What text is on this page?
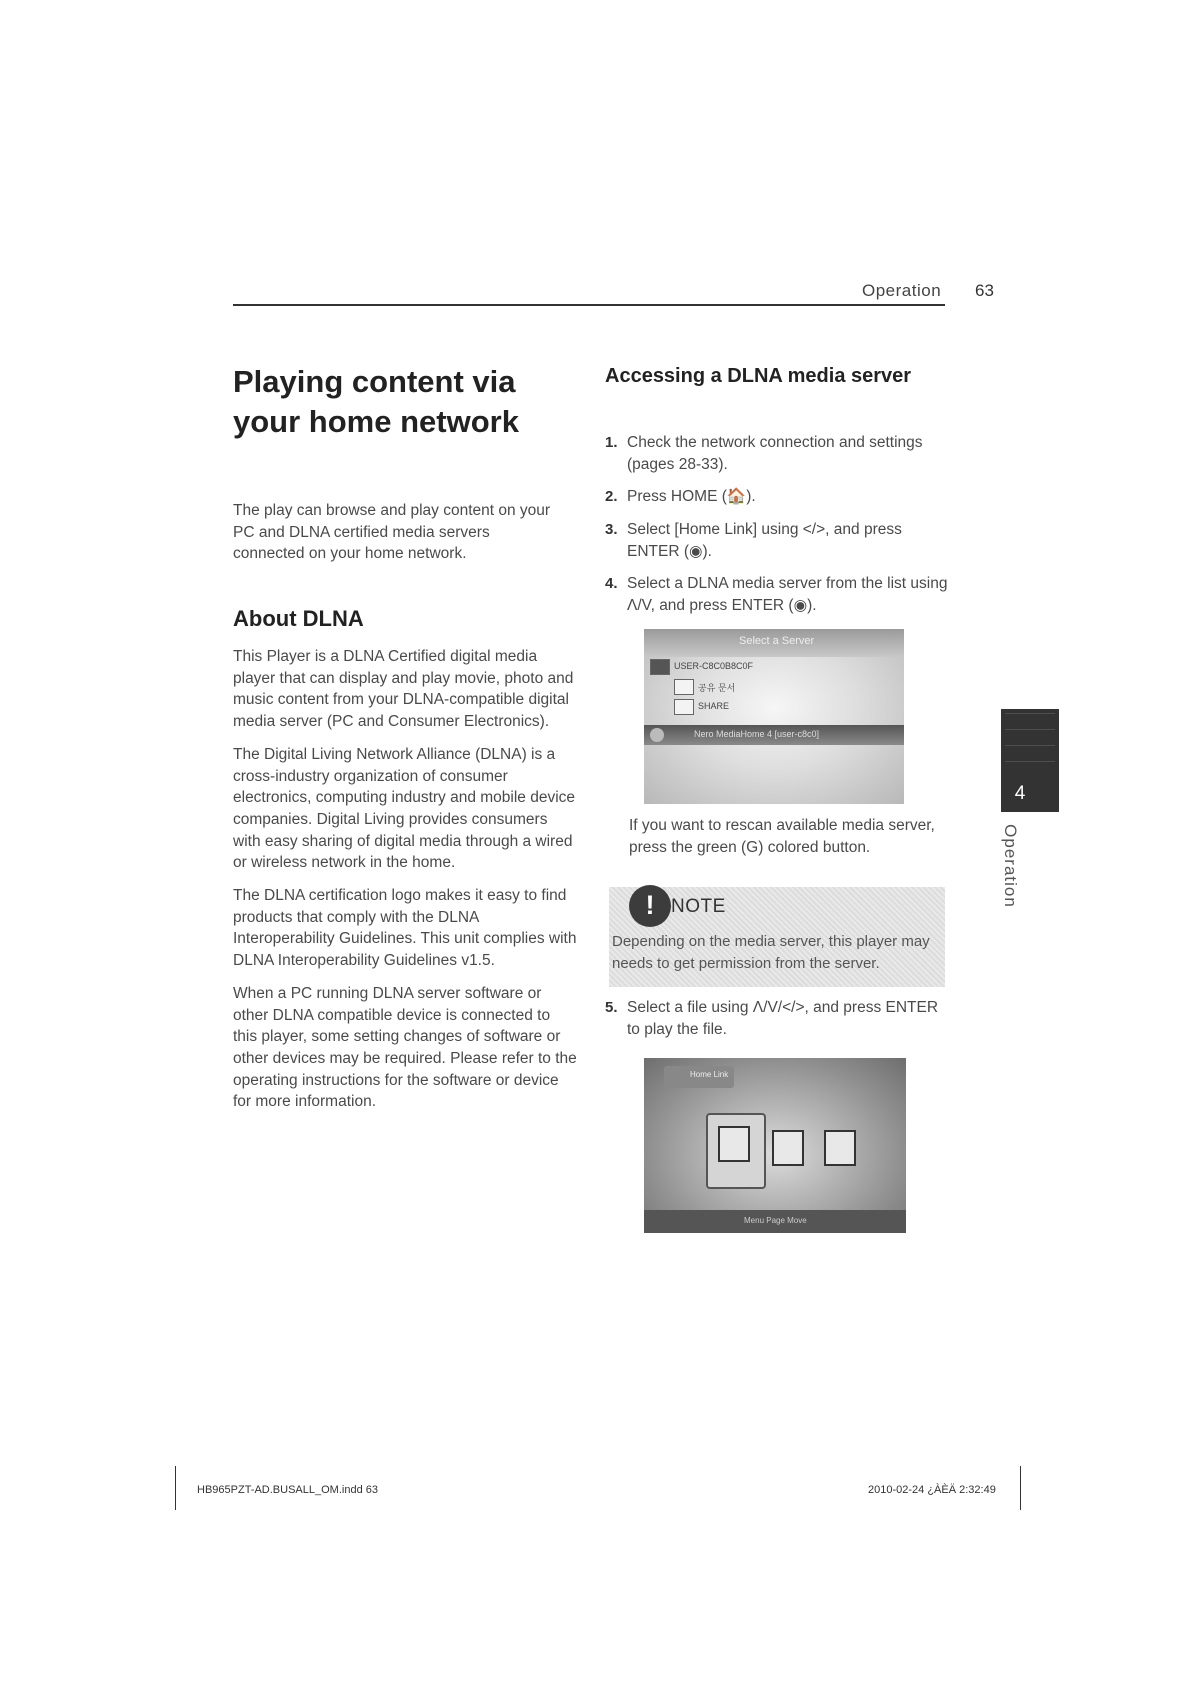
Operation 63
Playing content via your home network

The play can browse and play content on your PC and DLNA certified media servers connected on your home network.

About DLNA

This Player is a DLNA Certified digital media player that can display and play movie, photo and music content from your DLNA-compatible digital media server (PC and Consumer Electronics).

The Digital Living Network Alliance (DLNA) is a cross-industry organization of consumer electronics, computing industry and mobile device companies. Digital Living provides consumers with easy sharing of digital media through a wired or wireless network in the home.

The DLNA certification logo makes it easy to find products that comply with the DLNA Interoperability Guidelines. This unit complies with DLNA Interoperability Guidelines v1.5.

When a PC running DLNA server software or other DLNA compatible device is connected to this player, some setting changes of software or other devices may be required. Please refer to the operating instructions for the software or device for more information.

Accessing a DLNA media server
1. Check the network connection and settings (pages 28-33).
2. Press HOME (🏠).
3. Select [Home Link] using </>, and press ENTER (◉).
4. Select a DLNA media server from the list using Λ/V, and press ENTER (◉).
Select a Server
USER-C8C0B8C0F
공유 문서
SHARE
Nero MediaHome 4 [user-c8c0]

If you want to rescan available media server, press the green (G) colored button.

! NOTE
Depending on the media server, this player may needs to get permission from the server.
5. Select a file using Λ/V/</>, and press ENTER to play the file.
Home Link
Menu Page Move
4
Operation
HB965PZT-AD.BUSALL_OM.indd 63	2010-02-24 ¿ÀÈÄ 2:32:49
